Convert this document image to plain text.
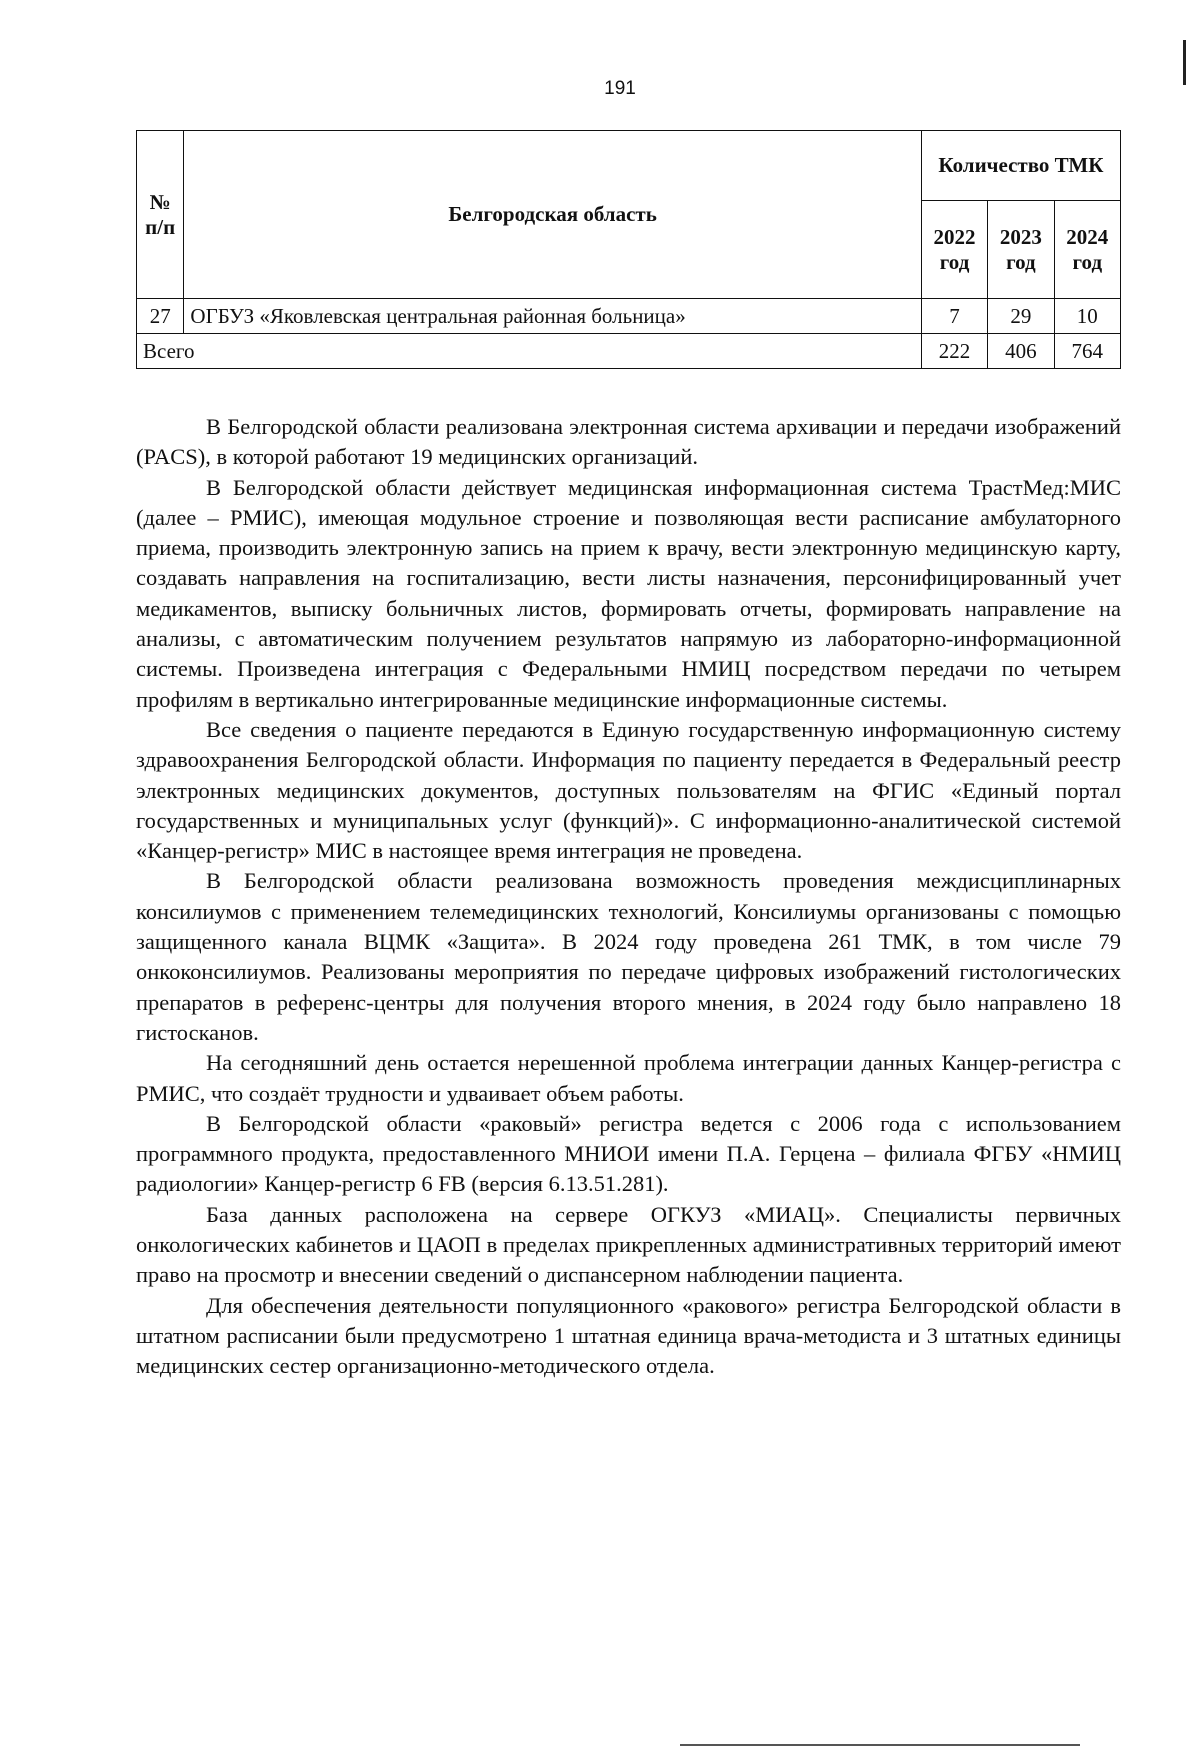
191
№ п/п	Белгородская область	Количество ТМК		
		2022 год	2023 год	2024 год
27	ОГБУЗ «Яковлевская центральная районная больница»	7	29	10
Всего		222	406	764

В Белгородской области реализована электронная система архивации и передачи изображений (PACS), в которой работают 19 медицинских организаций.

В Белгородской области действует медицинская информационная система ТрастМед:МИС (далее – РМИС), имеющая модульное строение и позволяющая вести расписание амбулаторного приема, производить электронную запись на прием к врачу, вести электронную медицинскую карту, создавать направления на госпитализацию, вести листы назначения, персонифицированный учет медикаментов, выписку больничных листов, формировать отчеты, формировать направление на анализы, с автоматическим получением результатов напрямую из лабораторно-информационной системы. Произведена интеграция с Федеральными НМИЦ посредством передачи по четырем профилям в вертикально интегрированные медицинские информационные системы.

Все сведения о пациенте передаются в Единую государственную информационную систему здравоохранения Белгородской области. Информация по пациенту передается в Федеральный реестр электронных медицинских документов, доступных пользователям на ФГИС «Единый портал государственных и муниципальных услуг (функций)». С информационно-аналитической системой «Канцер-регистр» МИС в настоящее время интеграция не проведена.

В Белгородской области реализована возможность проведения междисциплинарных консилиумов с применением телемедицинских технологий, Консилиумы организованы с помощью защищенного канала ВЦМК «Защита». В 2024 году проведена 261 ТМК, в том числе 79 онкоконсилиумов. Реализованы мероприятия по передаче цифровых изображений гистологических препаратов в референс-центры для получения второго мнения, в 2024 году было направлено 18 гистосканов.

На сегодняшний день остается нерешенной проблема интеграции данных Канцер-регистра с РМИС, что создаёт трудности и удваивает объем работы.

В Белгородской области «раковый» регистра ведется с 2006 года с использованием программного продукта, предоставленного МНИОИ имени П.А. Герцена – филиала ФГБУ «НМИЦ радиологии» Канцер-регистр 6 FB (версия 6.13.51.281).

База данных расположена на сервере ОГКУЗ «МИАЦ». Специалисты первичных онкологических кабинетов и ЦАОП в пределах прикрепленных административных территорий имеют право на просмотр и внесении сведений о диспансерном наблюдении пациента.

Для обеспечения деятельности популяционного «ракового» регистра Белгородской области в штатном расписании были предусмотрено 1 штатная единица врача-методиста и 3 штатных единицы медицинских сестер организационно-методического отдела.
